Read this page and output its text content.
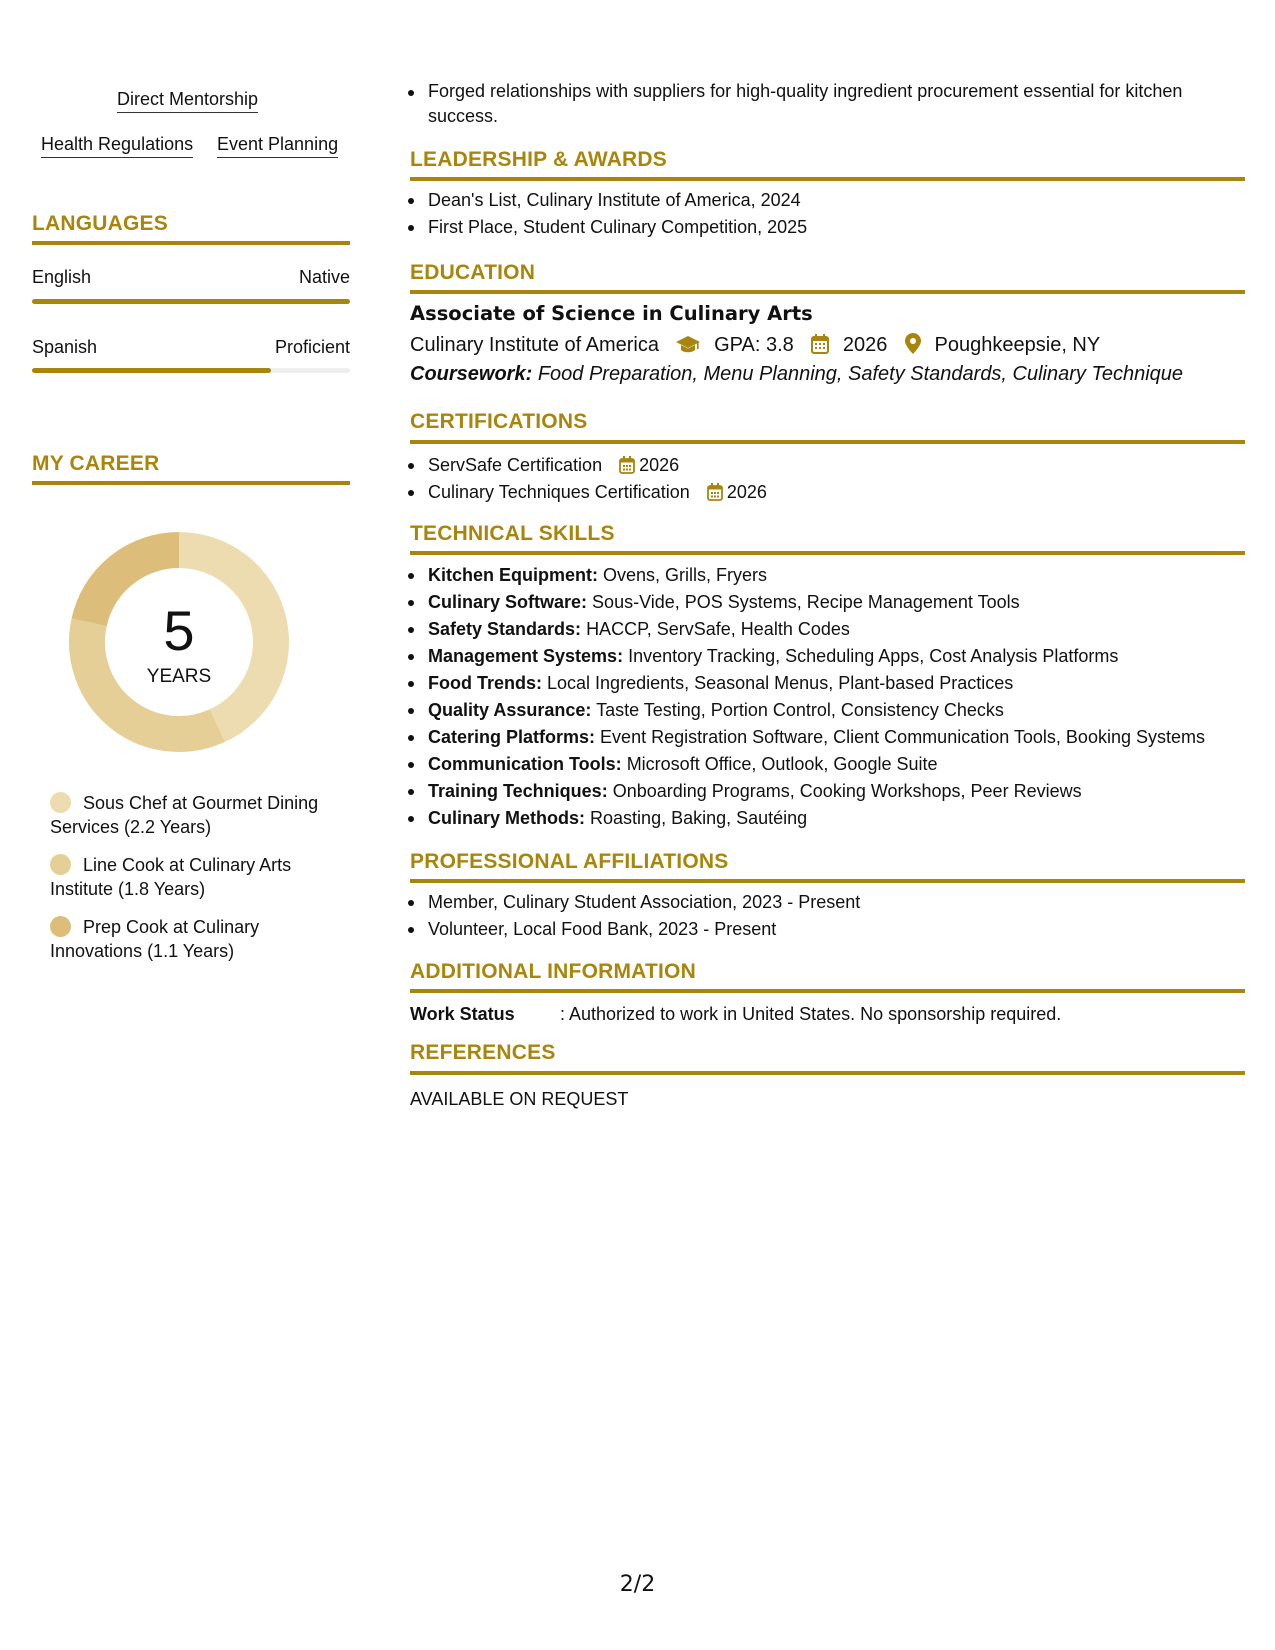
Direct Mentorship
Health Regulations Event Planning
LANGUAGES
English	Native
Spanish	Proficient
MY CAREER
5
YEARS
Sous Chef at Gourmet Dining Services (2.2 Years)
Line Cook at Culinary Arts Institute (1.8 Years)
Prep Cook at Culinary Innovations (1.1 Years)
Forged relationships with suppliers for high-quality ingredient procurement essential for kitchen success.
LEADERSHIP & AWARDS
Dean's List, Culinary Institute of America, 2024
First Place, Student Culinary Competition, 2025
EDUCATION
Associate of Science in Culinary Arts
Culinary Institute of America	GPA: 3.8 2026 Poughkeepsie, NY
Coursework: Food Preparation, Menu Planning, Safety Standards, Culinary Technique
CERTIFICATIONS
ServSafe Certification 2026
Culinary Techniques Certification 2026
TECHNICAL SKILLS
Kitchen Equipment: Ovens, Grills, Fryers
Culinary Software: Sous-Vide, POS Systems, Recipe Management Tools
Safety Standards: HACCP, ServSafe, Health Codes
Management Systems: Inventory Tracking, Scheduling Apps, Cost Analysis Platforms
Food Trends: Local Ingredients, Seasonal Menus, Plant-based Practices
Quality Assurance: Taste Testing, Portion Control, Consistency Checks
Catering Platforms: Event Registration Software, Client Communication Tools, Booking Systems
Communication Tools: Microsoft Office, Outlook, Google Suite
Training Techniques: Onboarding Programs, Cooking Workshops, Peer Reviews
Culinary Methods: Roasting, Baking, Sautéing
PROFESSIONAL AFFILIATIONS
Member, Culinary Student Association, 2023 - Present
Volunteer, Local Food Bank, 2023 - Present
ADDITIONAL INFORMATION
Work Status	: Authorized to work in United States. No sponsorship required.
REFERENCES
AVAILABLE ON REQUEST
2/2
